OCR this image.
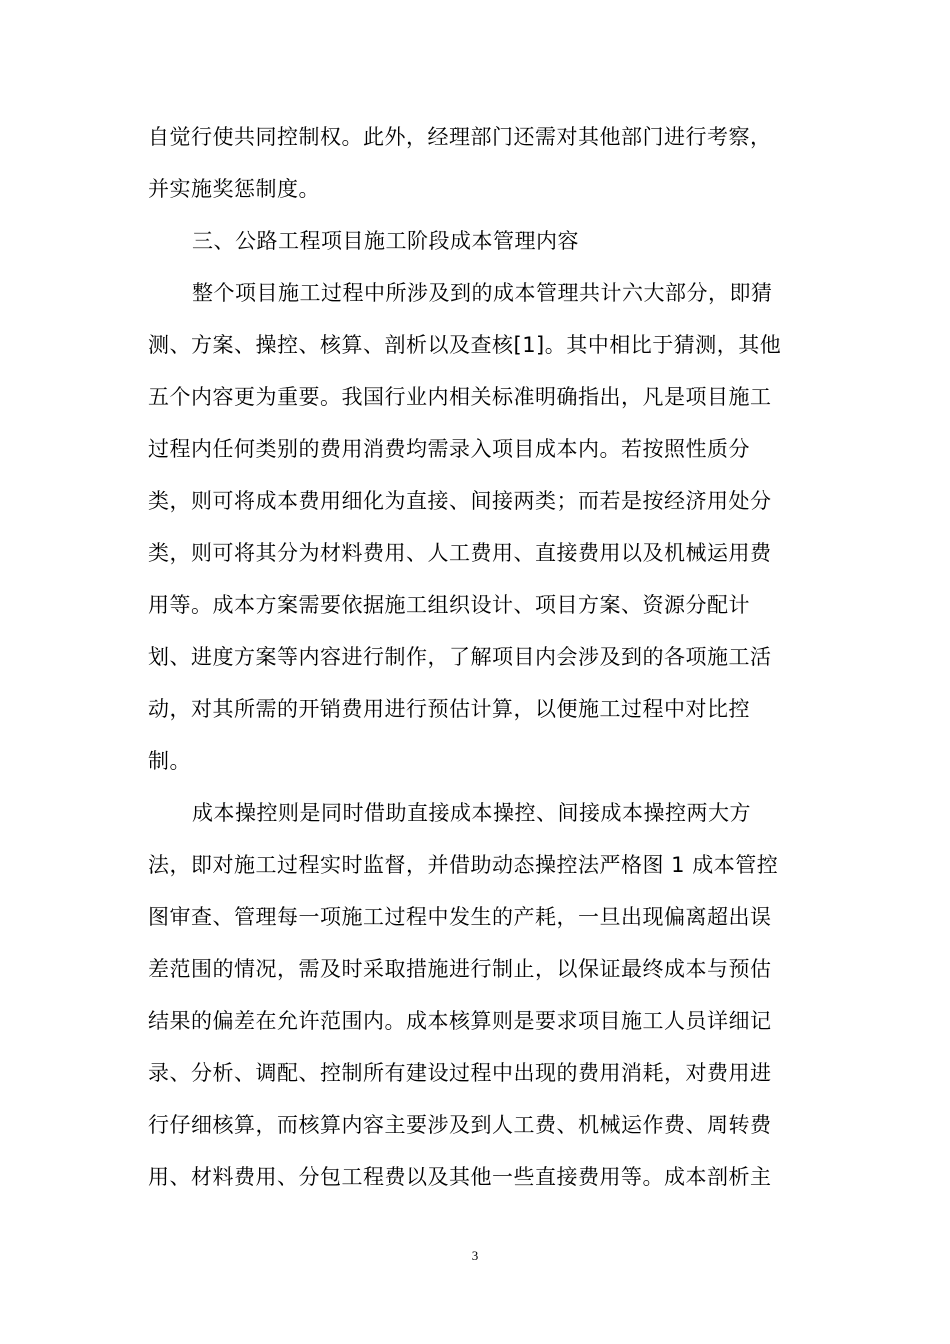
自觉行使共同控制权。此外，经理部门还需对其他部门进行考察，
并实施奖惩制度。
三、公路工程项目施工阶段成本管理内容
整个项目施工过程中所涉及到的成本管理共计六大部分，即猜
测、方案、操控、核算、剖析以及查核[1]。其中相比于猜测，其他
五个内容更为重要。我国行业内相关标准明确指出，凡是项目施工
过程内任何类别的费用消费均需录入项目成本内。若按照性质分
类，则可将成本费用细化为直接、间接两类；而若是按经济用处分
类，则可将其分为材料费用、人工费用、直接费用以及机械运用费
用等。成本方案需要依据施工组织设计、项目方案、资源分配计
划、进度方案等内容进行制作，了解项目内会涉及到的各项施工活
动，对其所需的开销费用进行预估计算，以便施工过程中对比控
制。
成本操控则是同时借助直接成本操控、间接成本操控两大方
法，即对施工过程实时监督，并借助动态操控法严格图 1 成本管控
图审查、管理每一项施工过程中发生的产耗，一旦出现偏离超出误
差范围的情况，需及时采取措施进行制止，以保证最终成本与预估
结果的偏差在允许范围内。成本核算则是要求项目施工人员详细记
录、分析、调配、控制所有建设过程中出现的费用消耗，对费用进
行仔细核算，而核算内容主要涉及到人工费、机械运作费、周转费
用、材料费用、分包工程费以及其他一些直接费用等。成本剖析主
3
